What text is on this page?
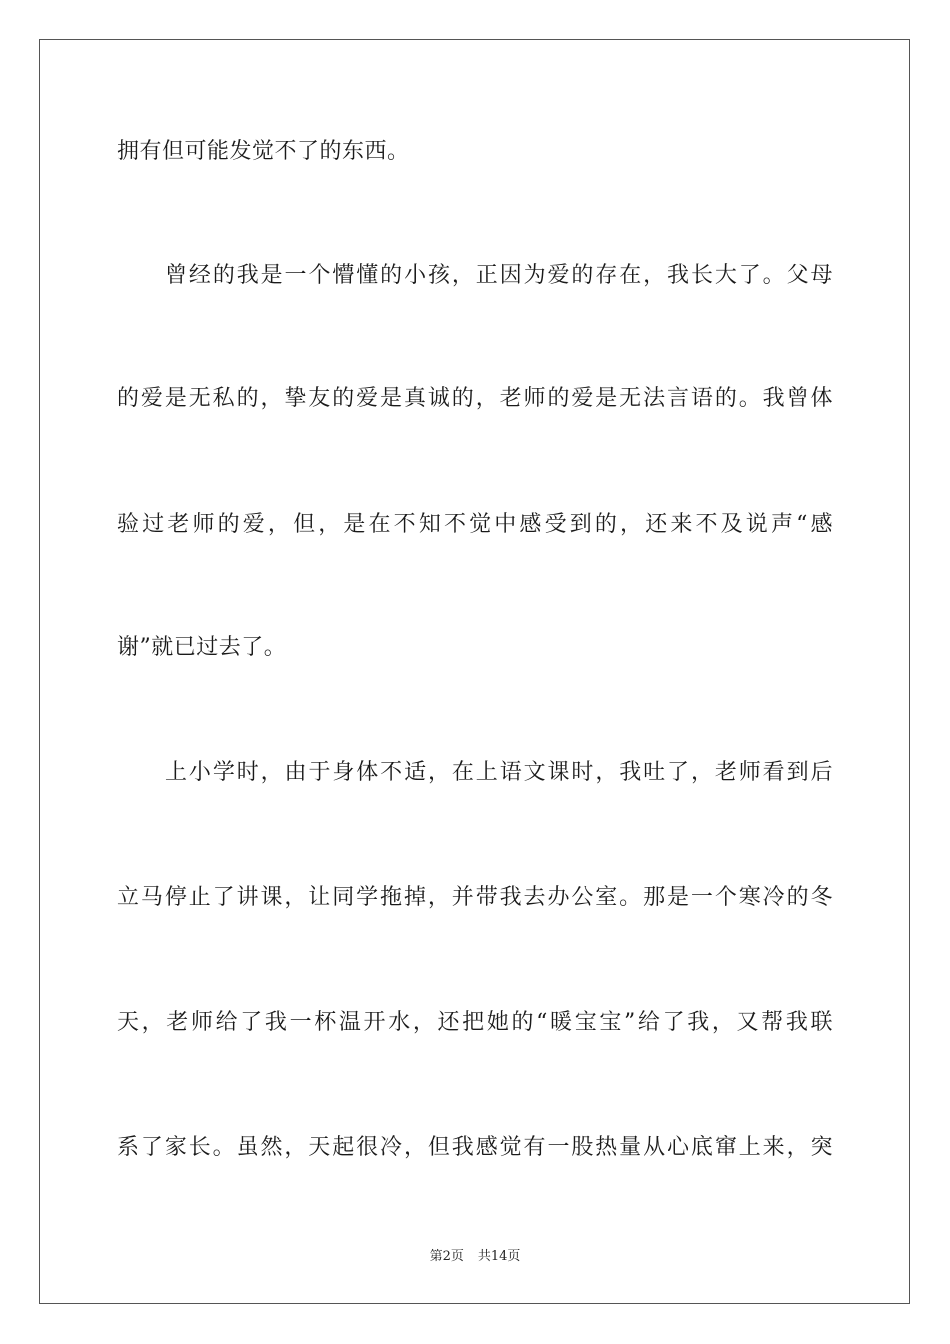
拥有但可能发觉不了的东西。
曾经的我是一个懵懂的小孩，正因为爱的存在，我长大了。父母
的爱是无私的，挚友的爱是真诚的，老师的爱是无法言语的。我曾体
验过老师的爱，但，是在不知不觉中感受到的，还来不及说声“感
谢”就已过去了。
上小学时，由于身体不适，在上语文课时，我吐了，老师看到后
立马停止了讲课，让同学拖掉，并带我去办公室。那是一个寒冷的冬
天，老师给了我一杯温开水，还把她的“暖宝宝”给了我，又帮我联
系了家长。虽然，天起很冷，但我感觉有一股热量从心底窜上来，突
第2页 共14页
